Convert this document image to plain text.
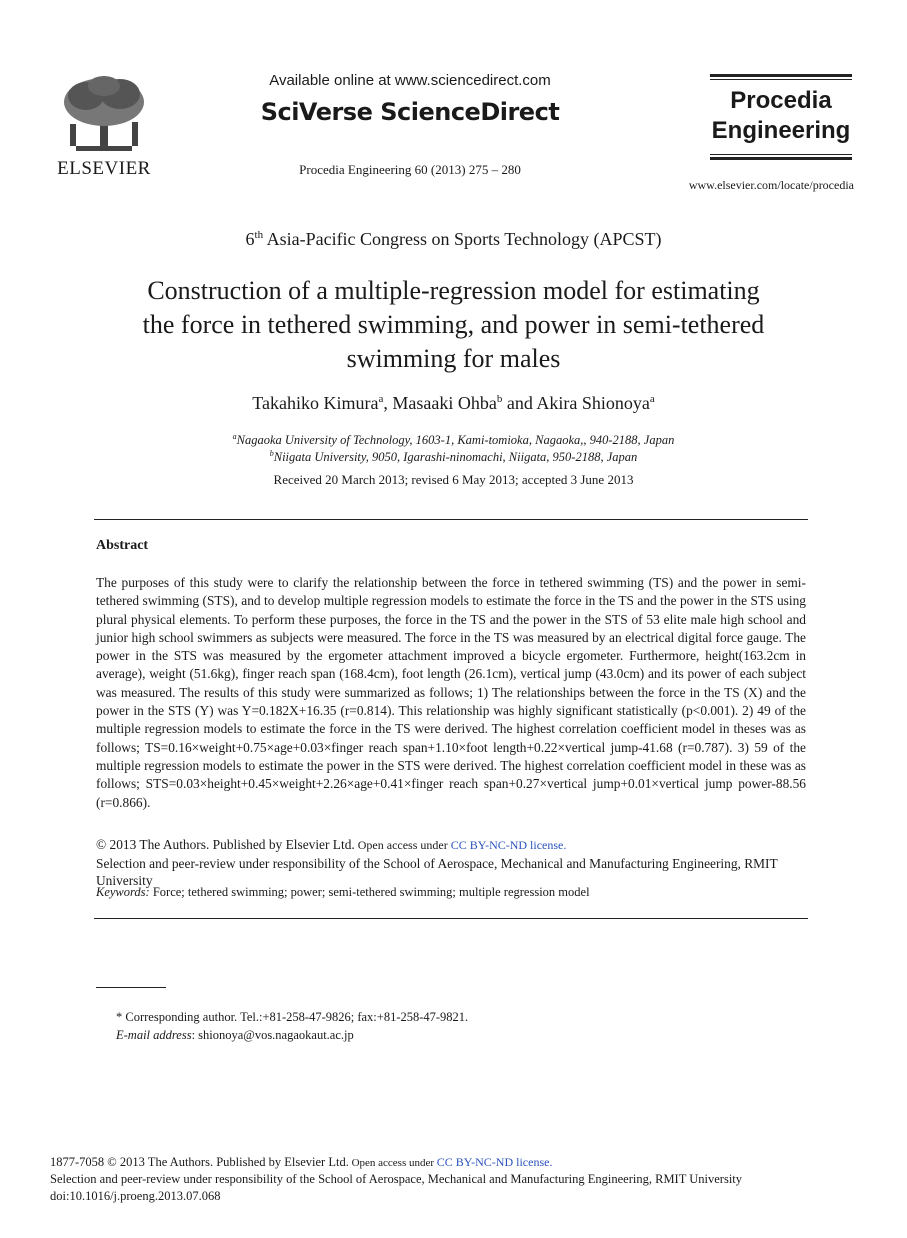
ELSEVIER
Available online at www.sciencedirect.com
SciVerse ScienceDirect
Procedia Engineering 60 (2013) 275 – 280
Procedia
Engineering
www.elsevier.com/locate/procedia
6th Asia-Pacific Congress on Sports Technology (APCST)
Construction of a multiple-regression model for estimating
the force in tethered swimming, and power in semi-tethered
swimming for males
Takahiko Kimura$^a$, Masaaki Ohba$^b$ and Akira Shionoya$^a$
$^a$Nagaoka University of Technology, 1603-1, Kami-tomioka, Nagaoka,, 940-2188, Japan
$^b$Niigata University, 9050, Igarashi-ninomachi, Niigata, 950-2188, Japan
Received 20 March 2013; revised 6 May 2013; accepted 3 June 2013
Abstract
The purposes of this study were to clarify the relationship between the force in tethered swimming (TS) and the power in semi-tethered swimming (STS), and to develop multiple regression models to estimate the force in the TS and the power in the STS using plural physical elements. To perform these purposes, the force in the TS and the power in the STS of 53 elite male high school and junior high school swimmers as subjects were measured. The force in the TS was measured by an electrical digital force gauge. The power in the STS was measured by the ergometer attachment improved a bicycle ergometer. Furthermore, height(163.2cm in average), weight (51.6kg), finger reach span (168.4cm), foot length (26.1cm), vertical jump (43.0cm) and its power of each subject was measured. The results of this study were summarized as follows; 1) The relationships between the force in the TS (X) and the power in the STS (Y) was Y=0.182X+16.35 (r=0.814). This relationship was highly significant statistically (p<0.001). 2) 49 of the multiple regression models to estimate the force in the TS were derived. The highest correlation coefficient model in theses was as follows; TS=0.16×weight+0.75×age+0.03×finger reach span+1.10×foot length+0.22×vertical jump-41.68 (r=0.787). 3) 59 of the multiple regression models to estimate the power in the STS were derived. The highest correlation coefficient model in these was as follows; STS=0.03×height+0.45×weight+2.26×age+0.41×finger reach span+0.27×vertical jump+0.01×vertical jump power-88.56 (r=0.866).
© 2013 The Authors. Published by Elsevier Ltd. Open access under CC BY-NC-ND license.
Selection and peer-review under responsibility of the School of Aerospace, Mechanical and Manufacturing Engineering, RMIT University
Keywords: Force; tethered swimming; power; semi-tethered swimming; multiple regression model
* Corresponding author. Tel.:+81-258-47-9826; fax:+81-258-47-9821.
E-mail address: shionoya@vos.nagaokaut.ac.jp
1877-7058 © 2013 The Authors. Published by Elsevier Ltd. Open access under CC BY-NC-ND license.
Selection and peer-review under responsibility of the School of Aerospace, Mechanical and Manufacturing Engineering, RMIT University
doi:10.1016/j.proeng.2013.07.068
